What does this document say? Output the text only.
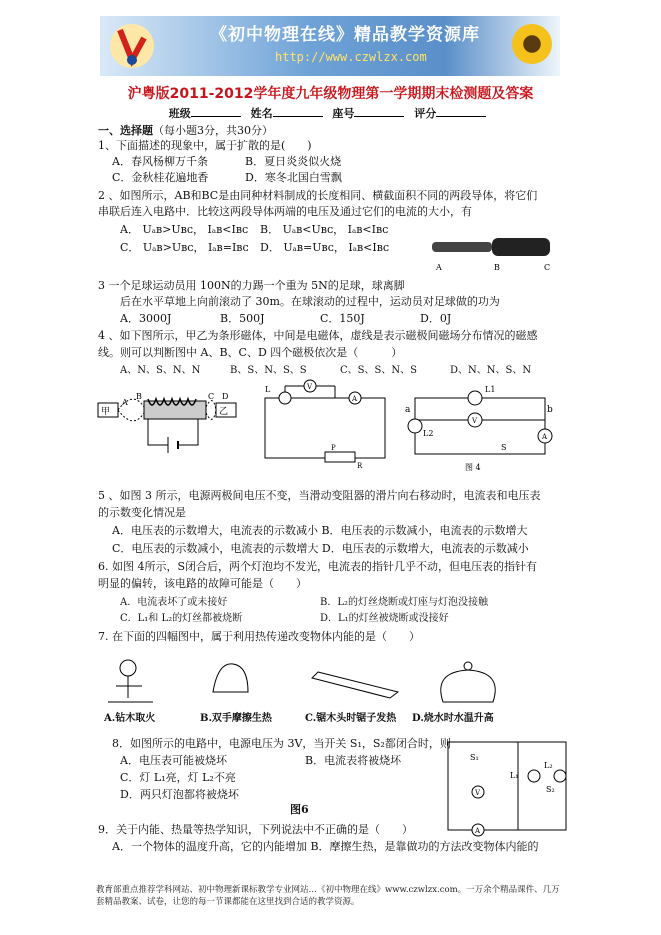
《初中物理在线》精品教学资源库
http://www.czwlzx.com
沪粤版2011-2012学年度九年级物理第一学期期末检测题及答案
班级	姓名	座号	评分
一、选择题（每小题3分，共30分）
1、下面描述的现象中，属于扩散的是(　　)
A．春风杨柳万千条	B．夏日炎炎似火烧
C．金秋桂花遍地香	D．寒冬北国白雪飘
2 、如图所示，AB和BC是由同种材料制成的长度相同、横截面积不同的两段导体，将它们
串联后连入电路中．比较这两段导体两端的电压及通过它们的电流的大小，有
A． Uₐʙ>Uʙᴄ， Iₐʙ<Iʙᴄ B． Uₐʙ<Uʙᴄ， Iₐʙ<Iʙᴄ
C． Uₐʙ>Uʙᴄ， Iₐʙ=Iʙᴄ D． Uₐʙ=Uʙᴄ， Iₐʙ<Iʙᴄ
A	B	C
3 一个足球运动员用 100N的力踢一个重为 5N的足球，球离脚
后在水平草地上向前滚动了 30m。在球滚动的过程中，运动员对足球做的功为
A．3000J	B．500J	C．150J	D．0J
4 、如下图所示，甲乙为条形磁体，中间是电磁体，虚线是表示磁极间磁场分布情况的磁感
线。则可以判断图中 A、B、C、D 四个磁极依次是（　　　）
A、N、S、N、N	B、S、N、S、S	C、S、S、N、S	D、N、N、S、N
甲
A
B	C D
乙
V
L
A
P
R
a	b
L1
V
L2	A
S
图 4
5 、如图 3 所示，电源两极间电压不变，当滑动变阻器的滑片向右移动时，电流表和电压表
的示数变化情况是
A．电压表的示数增大，电流表的示数减小 B．电压表的示数减小，电流表的示数增大
C．电压表的示数减小，电流表的示数增大 D．电压表的示数增大，电流表的示数减小
6. 如图 4所示，S闭合后，两个灯泡均不发光，电流表的指针几乎不动，但电压表的指针有
明显的偏转，该电路的故障可能是（　　）
A．电流表坏了或未接好	B．L₂的灯丝烧断或灯座与灯泡没接触
C．L₁和 L₂的灯丝都被烧断	D．L₁的灯丝被烧断或没接好
7. 在下面的四幅图中，属于利用热传递改变物体内能的是（　　）
A.钻木取火	B.双手摩擦生热	C.锯木头时锯子发热 D.烧水时水温升高
8．如图所示的电路中，电源电压为 3V，当开关 S₁，S₂都闭合时，则
A．电压表可能被烧坏	B．电流表将被烧坏
C．灯 L₁亮，灯 L₂不亮
D．两只灯泡都将被烧坏
图6
S₁
V
L₁
S₂
L₂
A
9．关于内能、热量等热学知识，下列说法中不正确的是（　　）
A．一个物体的温度升高，它的内能增加 B．摩擦生热，是靠做功的方法改变物体内能的
教育部重点推荐学科网站、初中物理新课标教学专业网站…《初中物理在线》www.czwlzx.com。一万余个精品课件、几万套精品教案、试卷，让您的每一节课都能在这里找到合适的教学资源。
